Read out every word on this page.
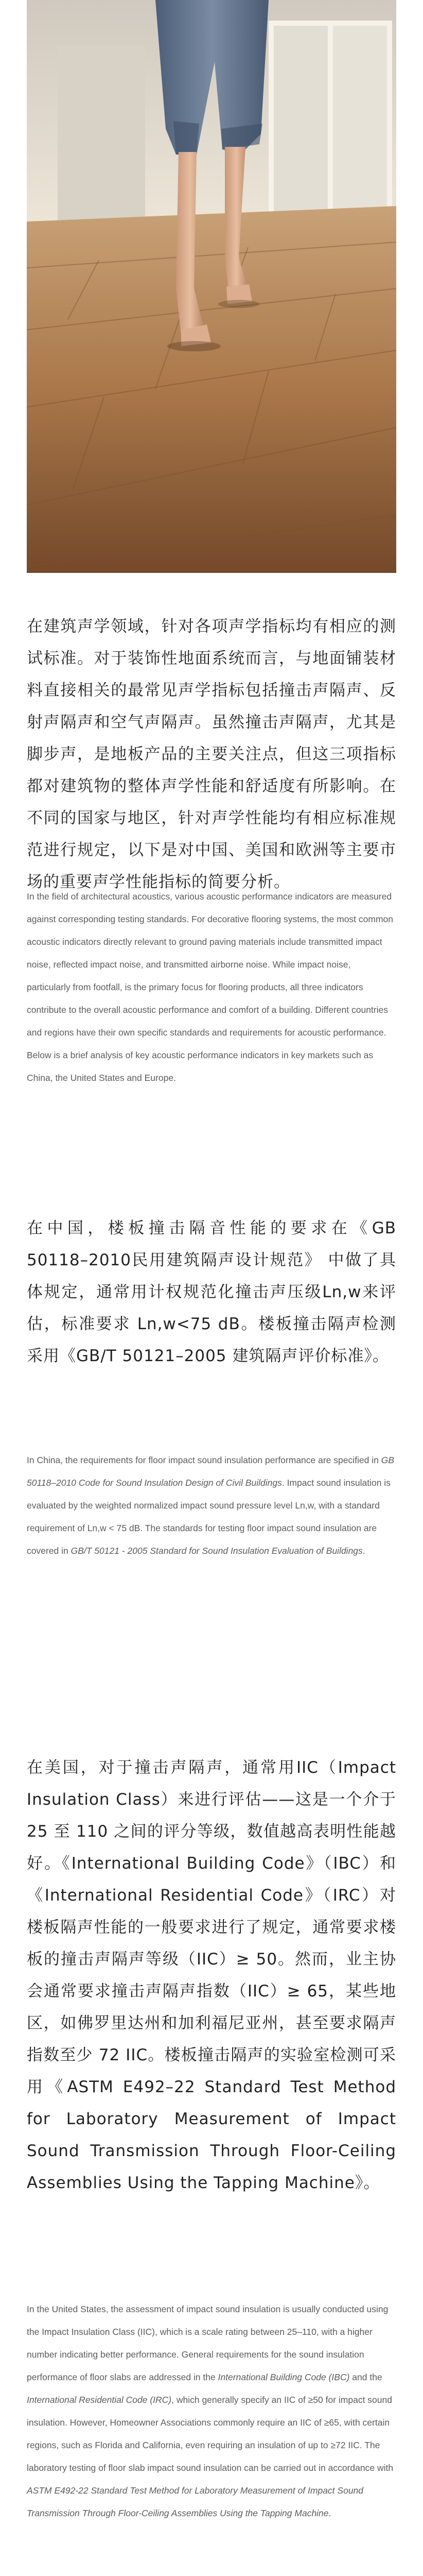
在建筑声学领域，针对各项声学指标均有相应的测试标准。对于装饰性地面系统而言，与地面铺装材料直接相关的最常见声学指标包括撞击声隔声、反射声隔声和空气声隔声。虽然撞击声隔声，尤其是脚步声，是地板产品的主要关注点，但这三项指标都对建筑物的整体声学性能和舒适度有所影响。在不同的国家与地区，针对声学性能均有相应标准规范进行规定，以下是对中国、美国和欧洲等主要市场的重要声学性能指标的简要分析。

In the field of architectural acoustics, various acoustic performance indicators are measured against corresponding testing standards. For decorative flooring systems, the most common acoustic indicators directly relevant to ground paving materials include transmitted impact noise, reflected impact noise, and transmitted airborne noise. While impact noise, particularly from footfall, is the primary focus for flooring products, all three indicators contribute to the overall acoustic performance and comfort of a building. Different countries and regions have their own specific standards and requirements for acoustic performance. Below is a brief analysis of key acoustic performance indicators in key markets such as China, the United States and Europe.

在中国，楼板撞击隔音性能的要求在《GB 50118–2010民用建筑隔声设计规范》 中做了具体规定，通常用计权规范化撞击声压级Ln,w来评估，标准要求 Ln,w<75 dB。楼板撞击隔声检测采用《GB/T 50121–2005 建筑隔声评价标准》。

In China, the requirements for floor impact sound insulation performance are specified in GB 50118–2010 Code for Sound Insulation Design of Civil Buildings. Impact sound insulation is evaluated by the weighted normalized impact sound pressure level Ln,w, with a standard requirement of Ln,w < 75 dB. The standards for testing floor impact sound insulation are covered in GB/T 50121 - 2005 Standard for Sound Insulation Evaluation of Buildings.

在美国，对于撞击声隔声，通常用IIC（Impact Insulation Class）来进行评估——这是一个介于 25 至 110 之间的评分等级，数值越高表明性能越好。《International Building Code》（IBC）和《International Residential Code》（IRC）对楼板隔声性能的一般要求进行了规定，通常要求楼板的撞击声隔声等级（IIC）≥ 50。然而，业主协会通常要求撞击声隔声指数（IIC）≥ 65，某些地区，如佛罗里达州和加利福尼亚州，甚至要求隔声指数至少 72 IIC。楼板撞击隔声的实验室检测可采用《ASTM E492–22 Standard Test Method for Laboratory Measurement of Impact Sound Transmission Through Floor-Ceiling Assemblies Using the Tapping Machine》。

In the United States, the assessment of impact sound insulation is usually conducted using the Impact Insulation Class (IIC), which is a scale rating between 25–110, with a higher number indicating better performance. General requirements for the sound insulation performance of floor slabs are addressed in the International Building Code (IBC) and the International Residential Code (IRC), which generally specify an IIC of ≥50 for impact sound insulation. However, Homeowner Associations commonly require an IIC of ≥65, with certain regions, such as Florida and California, even requiring an insulation of up to ≥72 IIC. The laboratory testing of floor slab impact sound insulation can be carried out in accordance with ASTM E492-22 Standard Test Method for Laboratory Measurement of Impact Sound Transmission Through Floor-Ceiling Assemblies Using the Tapping Machine.
